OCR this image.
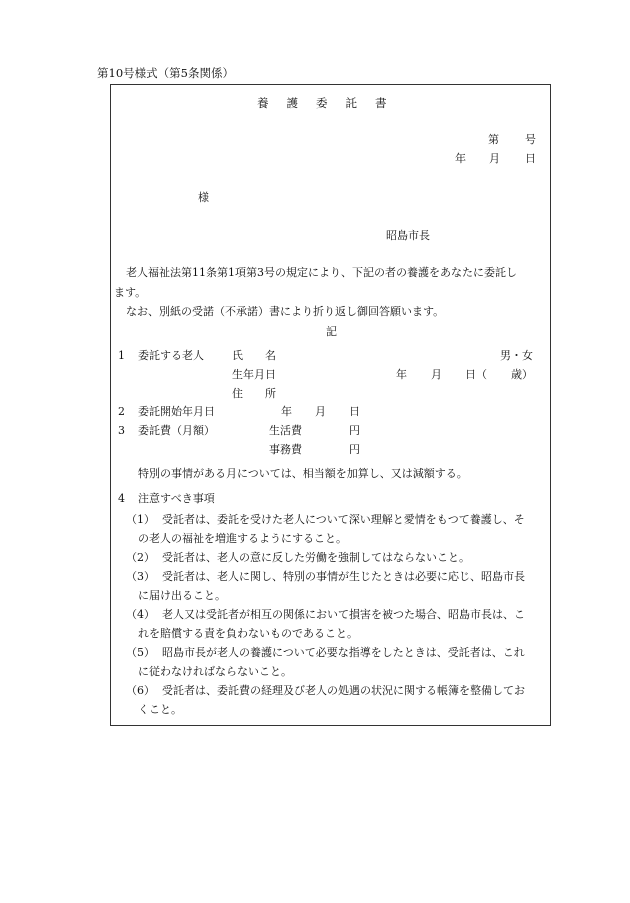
第10号様式（第5条関係）
養護委託書
第 号
年 月 日
様
昭島市長
老人福祉法第11条第1項第3号の規定により、下記の者の養護をあなたに委託し
ます。
なお、別紙の受諾（不承諾）書により折り返し御回答願います。
記
1 委託する老人	氏　　名	男・女
生年月日	年 月 日（ 歳）
住　　所
2 委託開始年月日	年 月 日
3 委託費（月額）	生活費	円
事務費	円
特別の事情がある月については、相当額を加算し、又は減額する。
4 注意すべき事項
（1） 受託者は、委託を受けた老人について深い理解と愛情をもつて養護し、そ
の老人の福祉を増進するようにすること。
（2） 受託者は、老人の意に反した労働を強制してはならないこと。
（3） 受託者は、老人に関し、特別の事情が生じたときは必要に応じ、昭島市長
に届け出ること。
（4） 老人又は受託者が相互の関係において損害を被つた場合、昭島市長は、こ
れを賠償する責を負わないものであること。
（5） 昭島市長が老人の養護について必要な指導をしたときは、受託者は、これ
に従わなければならないこと。
（6） 受託者は、委託費の経理及び老人の処遇の状況に関する帳簿を整備してお
くこと。
